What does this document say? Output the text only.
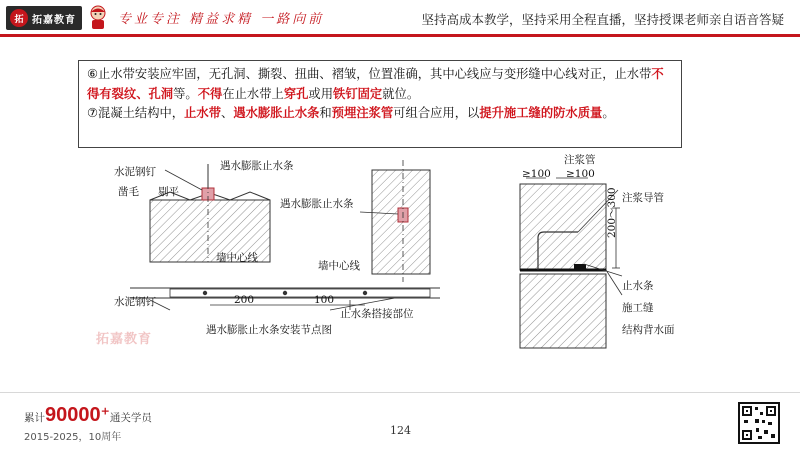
拓 拓嘉教育	专业专注 精益求精 一路向前	坚持高成本教学，坚持采用全程直播，坚持授课老师亲自语音答疑

⑥止水带安装应牢固，无孔洞、撕裂、扭曲、褶皱，位置准确，其中心线应与变形缝中心线对正，止水带不得有裂纹、孔洞等。不得在止水带上穿孔或用铁钉固定就位。

⑦混凝土结构中，止水带、遇水膨胀止水条和预埋注浆管可组合应用，以提升施工缝的防水质量。

水泥钢钉	遇水膨胀止水条
凿毛 剔平
遇水膨胀止水条
墙中心线
墙中心线
水泥钢钉	200	100
止水条搭接部位
遇水膨胀止水条安装节点图
注浆管
≥100 ≥100
注浆导管
200～300
止水条
施工缝
结构背水面
拓嘉教育
累计90000+通关学员
2015-2025，10周年
124
